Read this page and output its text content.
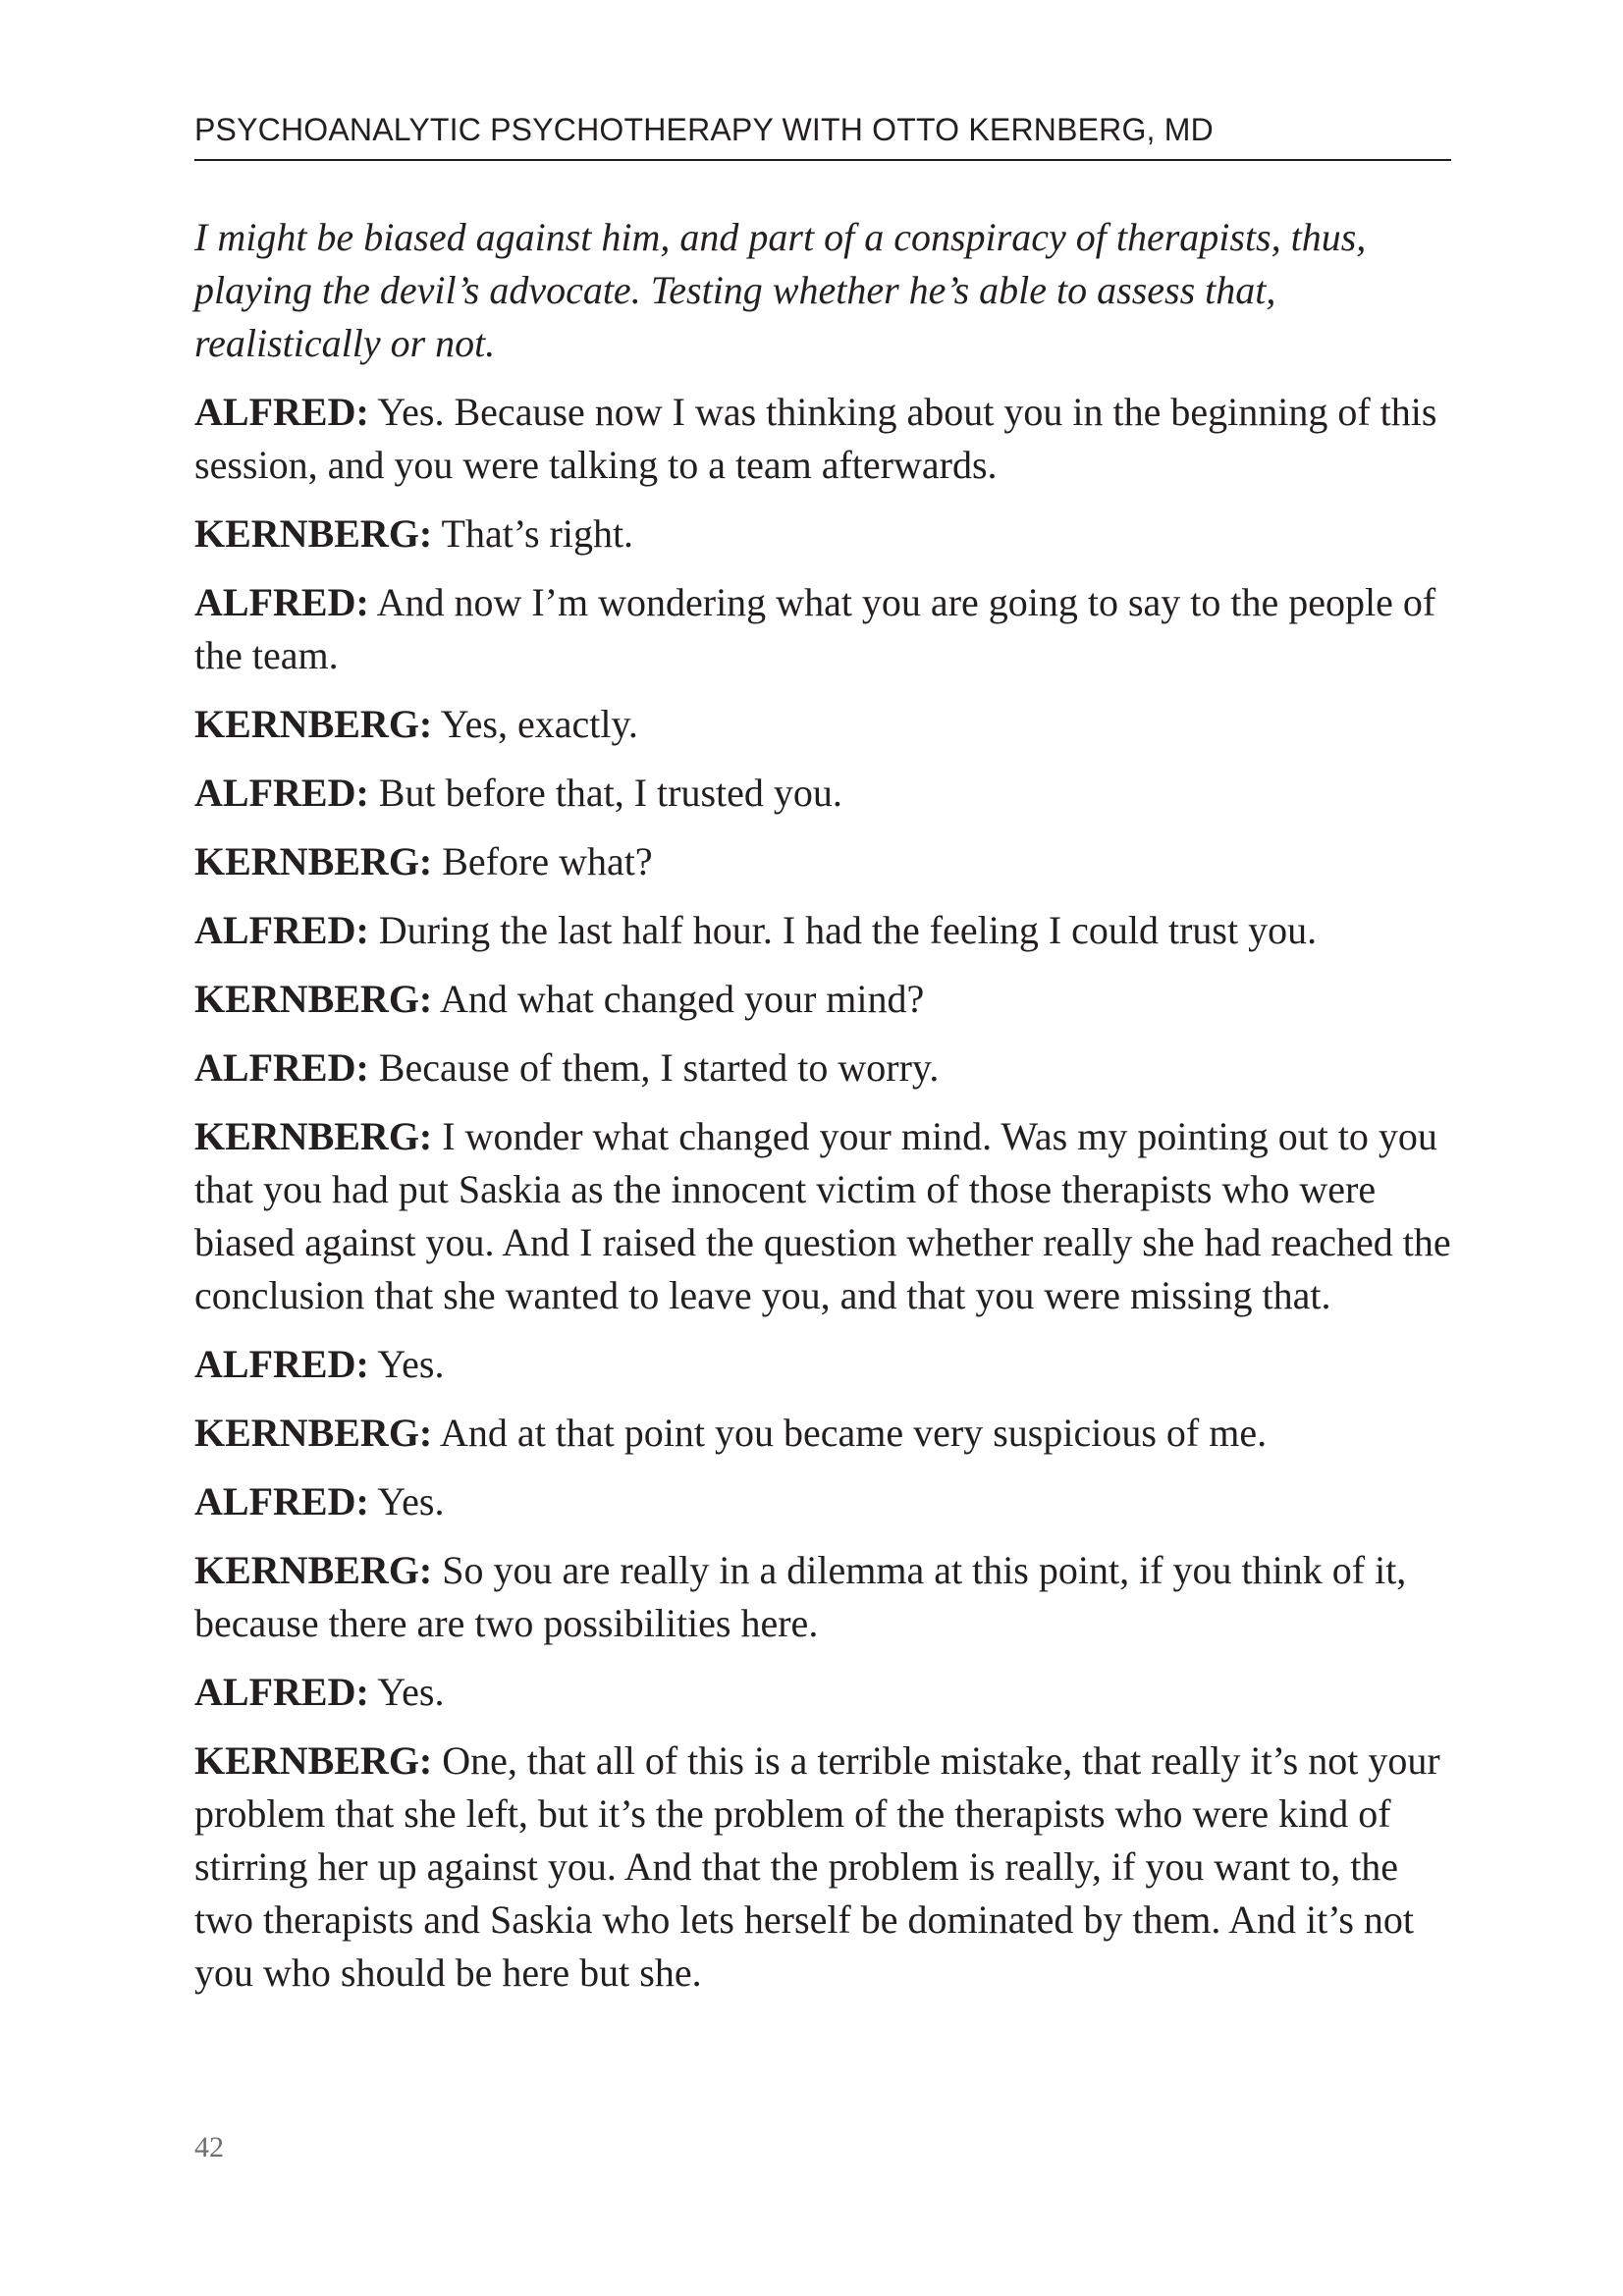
PSYCHOANALYTIC PSYCHOTHERAPY WITH OTTO KERNBERG, MD

I might be biased against him, and part of a conspiracy of therapists, thus, playing the devil’s advocate. Testing whether he’s able to assess that, realistically or not.

ALFRED: Yes. Because now I was thinking about you in the beginning of this session, and you were talking to a team afterwards.

KERNBERG: That’s right.

ALFRED: And now I’m wondering what you are going to say to the people of the team.

KERNBERG: Yes, exactly.

ALFRED: But before that, I trusted you.

KERNBERG: Before what?

ALFRED: During the last half hour. I had the feeling I could trust you.

KERNBERG: And what changed your mind?

ALFRED: Because of them, I started to worry.

KERNBERG: I wonder what changed your mind. Was my pointing out to you that you had put Saskia as the innocent victim of those therapists who were biased against you. And I raised the question whether really she had reached the conclusion that she wanted to leave you, and that you were missing that.

ALFRED: Yes.

KERNBERG: And at that point you became very suspicious of me.

ALFRED: Yes.

KERNBERG: So you are really in a dilemma at this point, if you think of it, because there are two possibilities here.

ALFRED: Yes.

KERNBERG: One, that all of this is a terrible mistake, that really it’s not your problem that she left, but it’s the problem of the therapists who were kind of stirring her up against you. And that the problem is really, if you want to, the two therapists and Saskia who lets herself be dominated by them. And it’s not you who should be here but she.

42
